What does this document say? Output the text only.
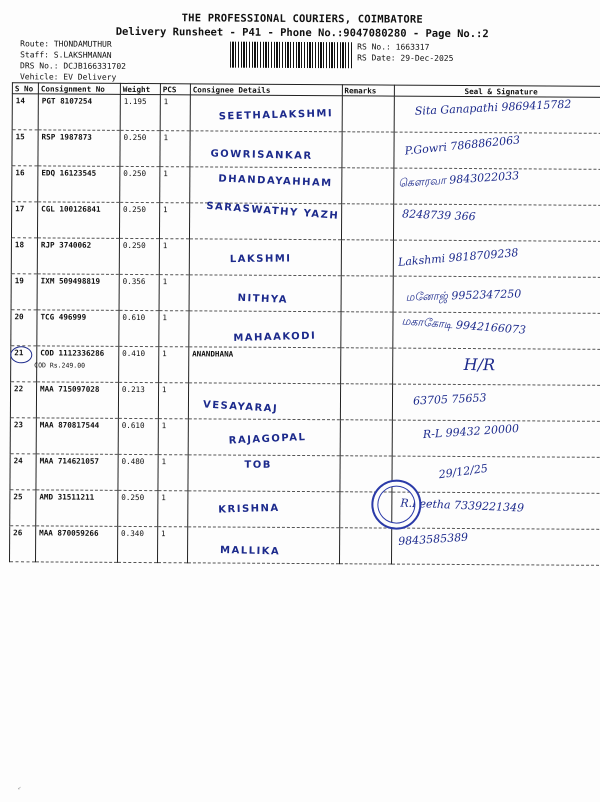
THE PROFESSIONAL COURIERS, COIMBATORE
Delivery Runsheet - P41 - Phone No.:9047080280 - Page No.:2
Route: THONDAMUTHUR
Staff: S.LAKSHMANAN
DRS No.: DCJB166331702
Vehicle: EV Delivery
RS No.: 1663317
RS Date: 29-Dec-2025
S No	Consignment No	Weight	PCS	Consignee Details	Remarks	Seal & Signature
14	PGT 8107254	1.195	1	SEETHALAKSHMI		Sita Ganapathi 9869415782

15	RSP 1987873	0.250	1	GOWRISANKAR		P.Gowri 7868862063

16	EDQ 16123545	0.250	1	DHANDAYAHHAM		கௌரவா 9843022033

17	CGL 100126841	0.250	1	SARASWATHY YAZH		8248739 366

18	RJP 3740062	0.250	1	LAKSHMI		Lakshmi 9818709238

19	IXM 509498819	0.356	1	NITHYA		மனோஜ் 9952347250

20	TCG 496999	0.610	1	MAHAAKODI		மகாகோடி 9942166073

21	COD 1112336286
COD Rs.249.00	0.410	1	ANANDHANA		H/R

22	MAA 715097028	0.213	1	VESAYARAJ		63705 75653

23	MAA 870817544	0.610	1	RAJAGOPAL		R-L 99432 20000

24	MAA 714621057	0.480	1	TOB		29/12/25

25	AMD 31511211	0.250	1	KRISHNA		R.Leetha 7339221349

26	MAA 870059266	0.340	1	MALLIKA		9843585389
↙
